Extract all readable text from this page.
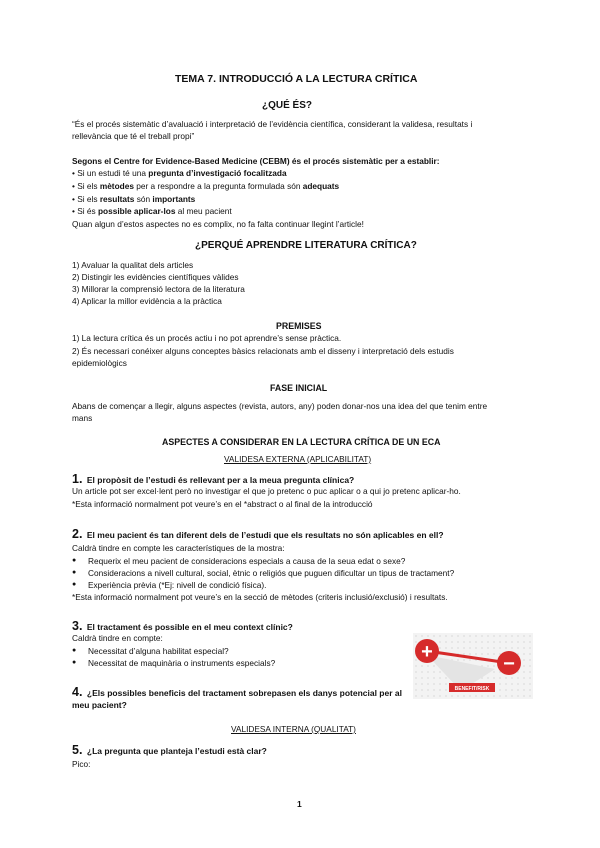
TEMA 7. INTRODUCCIÓ A LA LECTURA CRÍTICA
¿QUÉ ÉS?
“És el procés sistemàtic d’avaluació i interpretació de l’evidència científica, considerant la validesa, resultats i
rellevància que té el treball propi”
Segons el Centre for Evidence-Based Medicine (CEBM) és el procés sistemàtic per a establir:
• Si un estudi té una pregunta d’investigació focalitzada
• Si els mètodes per a respondre a la pregunta formulada són adequats
• Si els resultats són importants
• Si és possible aplicar-los al meu pacient
Quan algun d’estos aspectes no es complix, no fa falta continuar llegint l’article!
¿PERQUÉ APRENDRE LITERATURA CRÍTICA?
1) Avaluar la qualitat dels articles
2) Distingir les evidències científiques vàlides
3) Millorar la comprensió lectora de la literatura
4) Aplicar la millor evidència a la pràctica
PREMISES
1) La lectura crítica és un procés actiu i no pot aprendre’s sense pràctica.
2) És necessari conéixer alguns conceptes bàsics relacionats amb el disseny i interpretació dels estudis
epidemiològics
FASE INICIAL
Abans de començar a llegir, alguns aspectes (revista, autors, any) poden donar-nos una idea del que tenim entre
mans
ASPECTES A CONSIDERAR EN LA LECTURA CRÍTICA DE UN ECA
VALIDESA EXTERNA (APLICABILITAT)
1. El propòsit de l’estudi és rellevant per a la meua pregunta clínica?
Un article pot ser excel·lent però no investigar el que jo pretenc o puc aplicar o a qui jo pretenc aplicar-ho.
*Esta informació normalment pot veure’s en el *abstract o al final de la introducció
2. El meu pacient és tan diferent dels de l’estudi que els resultats no són aplicables en ell?
Caldrà tindre en compte les característiques de la mostra:
● Requerix el meu pacient de consideracions especials a causa de la seua edat o sexe?
● Consideracions a nivell cultural, social, ètnic o religiós que puguen dificultar un tipus de tractament?
● Experiència prèvia (*Ej: nivell de condició física).
*Esta informació normalment pot veure’s en la secció de mètodes (criteris inclusió/exclusió) i resultats.
3. El tractament és possible en el meu context clínic?
Caldrà tindre en compte:
● Necessitat d’alguna habilitat especial?
● Necessitat de maquinària o instruments especials?	+
−
BENEFIT/RISK
4. ¿Els possibles beneficis del tractament sobrepasen els danys potencial per al
meu pacient?
VALIDESA INTERNA (QUALITAT)
5. ¿La pregunta que planteja l’estudi està clar?
Pico:
1
